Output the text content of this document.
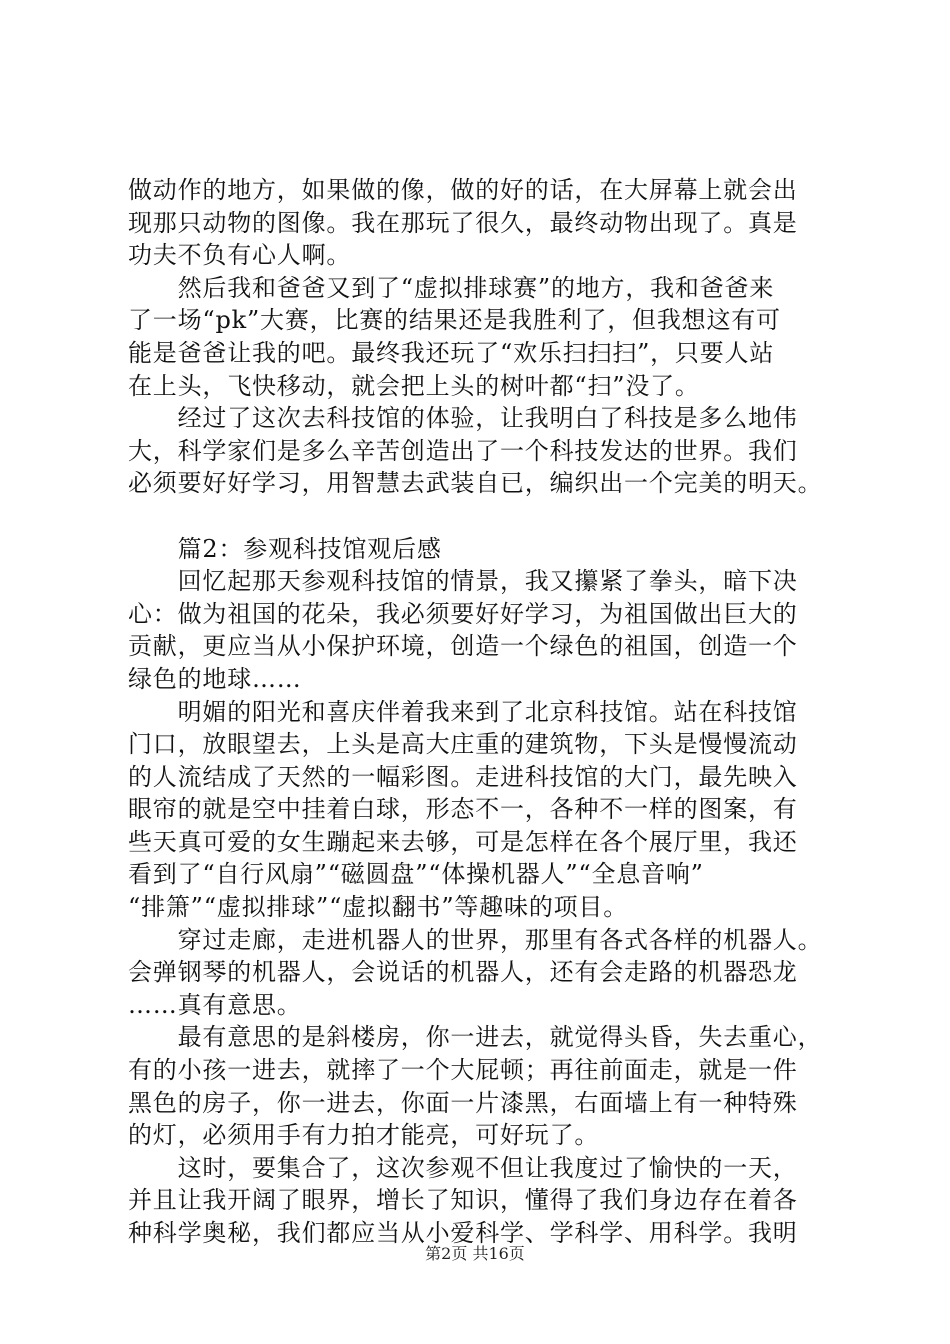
做动作的地方，如果做的像，做的好的话，在大屏幕上就会出
现那只动物的图像。我在那玩了很久，最终动物出现了。真是
功夫不负有心人啊。
　　然后我和爸爸又到了“虚拟排球赛”的地方，我和爸爸来
了一场“pk”大赛，比赛的结果还是我胜利了，但我想这有可
能是爸爸让我的吧。最终我还玩了“欢乐扫扫扫”，只要人站
在上头，飞快移动，就会把上头的树叶都“扫”没了。
　　经过了这次去科技馆的体验，让我明白了科技是多么地伟
大，科学家们是多么辛苦创造出了一个科技发达的世界。我们
必须要好好学习，用智慧去武装自已，编织出一个完美的明天。
　　篇2：参观科技馆观后感
　　回忆起那天参观科技馆的情景，我又攥紧了拳头，暗下决
心：做为祖国的花朵，我必须要好好学习，为祖国做出巨大的
贡献，更应当从小保护环境，创造一个绿色的祖国，创造一个
绿色的地球……
　　明媚的阳光和喜庆伴着我来到了北京科技馆。站在科技馆
门口，放眼望去，上头是高大庄重的建筑物，下头是慢慢流动
的人流结成了天然的一幅彩图。走进科技馆的大门，最先映入
眼帘的就是空中挂着白球，形态不一，各种不一样的图案，有
些天真可爱的女生蹦起来去够，可是怎样在各个展厅里，我还
看到了“自行风扇”“磁圆盘”“体操机器人”“全息音响”
“排箫”“虚拟排球”“虚拟翻书”等趣味的项目。
　　穿过走廊，走进机器人的世界，那里有各式各样的机器人。
会弹钢琴的机器人，会说话的机器人，还有会走路的机器恐龙
……真有意思。
　　最有意思的是斜楼房，你一进去，就觉得头昏，失去重心，
有的小孩一进去，就摔了一个大屁顿；再往前面走，就是一件
黑色的房子，你一进去，你面一片漆黑，右面墙上有一种特殊
的灯，必须用手有力拍才能亮，可好玩了。
　　这时，要集合了，这次参观不但让我度过了愉快的一天，
并且让我开阔了眼界，增长了知识，懂得了我们身边存在着各
种科学奥秘，我们都应当从小爱科学、学科学、用科学。我明
第2页 共16页
